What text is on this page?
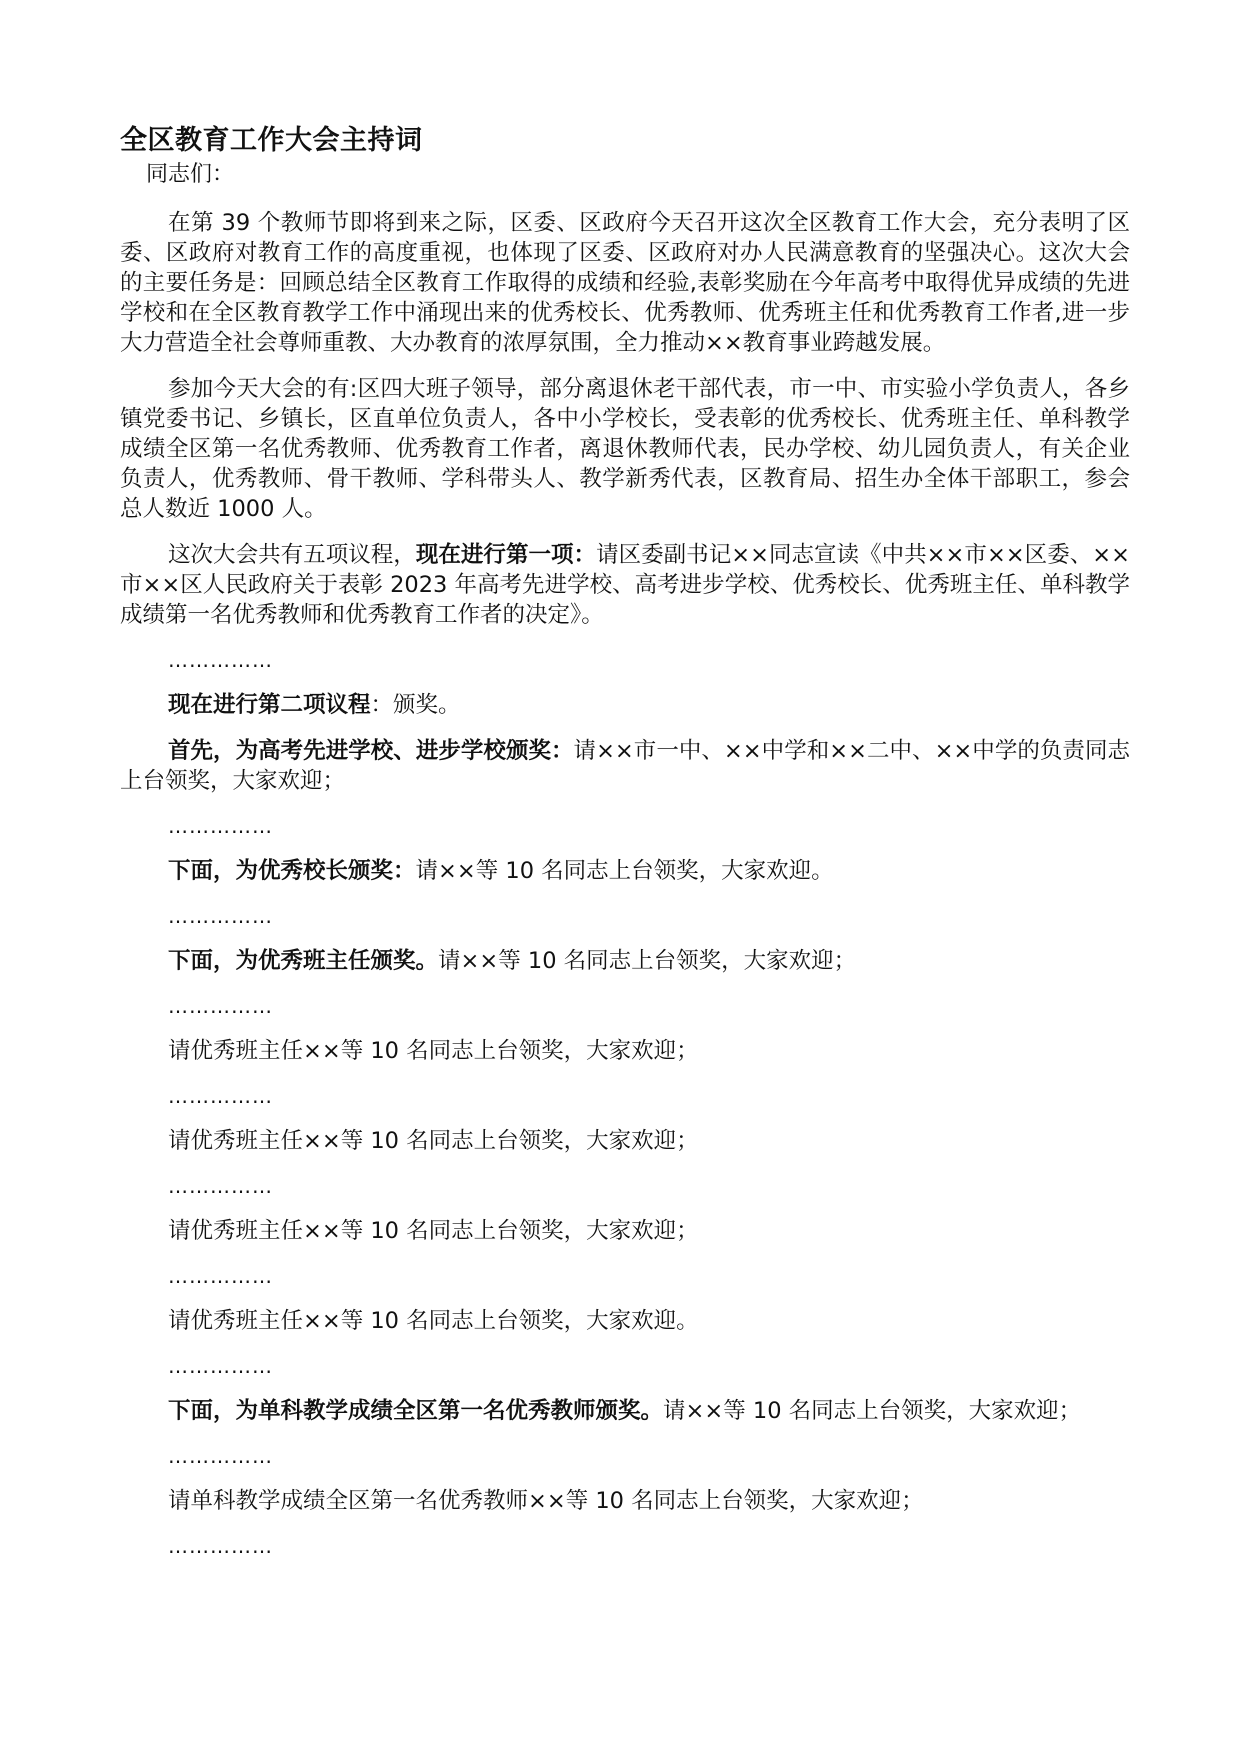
全区教育工作大会主持词
同志们：

在第 39 个教师节即将到来之际，区委、区政府今天召开这次全区教育工作大会，充分表明了区委、区政府对教育工作的高度重视，也体现了区委、区政府对办人民满意教育的坚强决心。这次大会的主要任务是：回顾总结全区教育工作取得的成绩和经验,表彰奖励在今年高考中取得优异成绩的先进学校和在全区教育教学工作中涌现出来的优秀校长、优秀教师、优秀班主任和优秀教育工作者,进一步大力营造全社会尊师重教、大办教育的浓厚氛围，全力推动××教育事业跨越发展。

参加今天大会的有:区四大班子领导，部分离退休老干部代表，市一中、市实验小学负责人，各乡镇党委书记、乡镇长，区直单位负责人，各中小学校长，受表彰的优秀校长、优秀班主任、单科教学成绩全区第一名优秀教师、优秀教育工作者，离退休教师代表，民办学校、幼儿园负责人，有关企业负责人，优秀教师、骨干教师、学科带头人、教学新秀代表，区教育局、招生办全体干部职工，参会总人数近 1000 人。

这次大会共有五项议程，现在进行第一项：请区委副书记××同志宣读《中共××市××区委、××市××区人民政府关于表彰 2023 年高考先进学校、高考进步学校、优秀校长、优秀班主任、单科教学成绩第一名优秀教师和优秀教育工作者的决定》。

……………

现在进行第二项议程：颁奖。

首先，为高考先进学校、进步学校颁奖：请××市一中、××中学和××二中、××中学的负责同志上台领奖，大家欢迎；

……………

下面，为优秀校长颁奖：请××等 10 名同志上台领奖，大家欢迎。

……………

下面，为优秀班主任颁奖。请××等 10 名同志上台领奖，大家欢迎；

……………
请优秀班主任××等 10 名同志上台领奖，大家欢迎；
……………
请优秀班主任××等 10 名同志上台领奖，大家欢迎；
……………
请优秀班主任××等 10 名同志上台领奖，大家欢迎；
……………
请优秀班主任××等 10 名同志上台领奖，大家欢迎。
……………

下面，为单科教学成绩全区第一名优秀教师颁奖。请××等 10 名同志上台领奖，大家欢迎；

……………
请单科教学成绩全区第一名优秀教师××等 10 名同志上台领奖，大家欢迎；
……………
